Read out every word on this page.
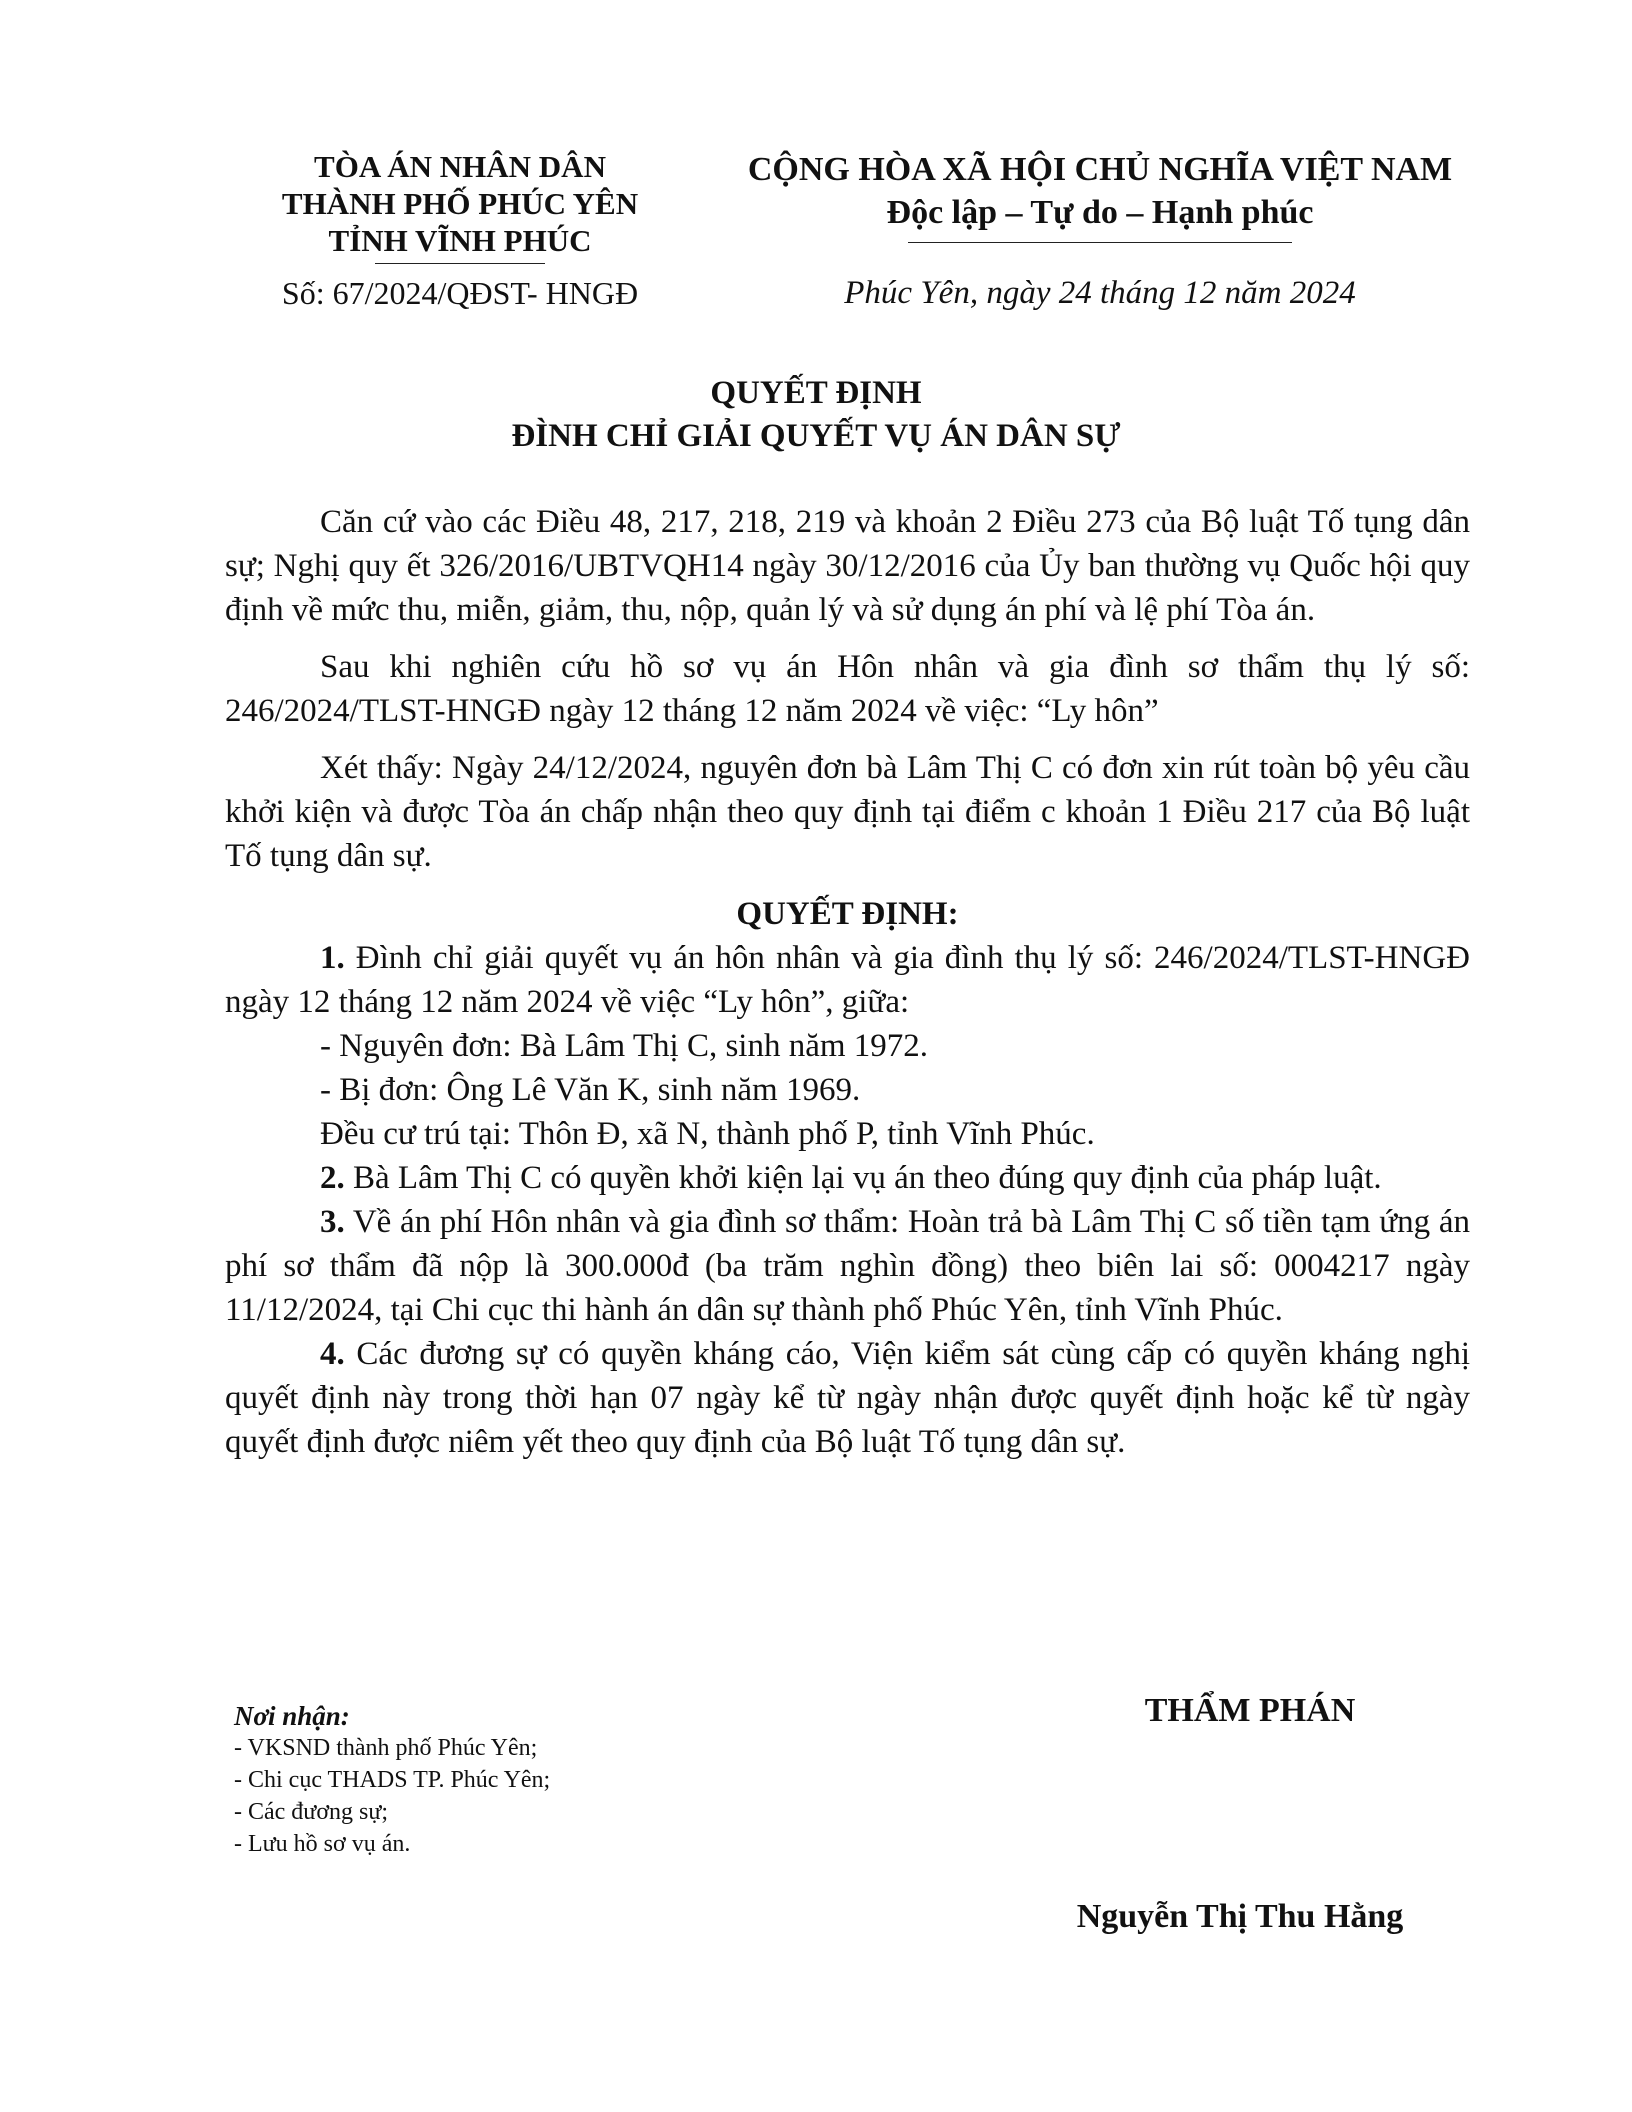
TÒA ÁN NHÂN DÂN
THÀNH PHỐ PHÚC YÊN
TỈNH VĨNH PHÚC
Số: 67/2024/QĐST- HNGĐ
CỘNG HÒA XÃ HỘI CHỦ NGHĨA VIỆT NAM
Độc lập – Tự do – Hạnh phúc
Phúc Yên, ngày 24 tháng 12 năm 2024
QUYẾT ĐỊNH
ĐÌNH CHỈ GIẢI QUYẾT VỤ ÁN DÂN SỰ

Căn cứ vào các Điều 48, 217, 218, 219 và khoản 2 Điều 273 của Bộ luật Tố tụng dân sự; Nghị quy ết 326/2016/UBTVQH14 ngày 30/12/2016 của Ủy ban thường vụ Quốc hội quy định về mức thu, miễn, giảm, thu, nộp, quản lý và sử dụng án phí và lệ phí Tòa án.

Sau khi nghiên cứu hồ sơ vụ án Hôn nhân và gia đình sơ thẩm thụ lý số: 246/2024/TLST-HNGĐ ngày 12 tháng 12 năm 2024 về việc: “Ly hôn”

Xét thấy: Ngày 24/12/2024, nguyên đơn bà Lâm Thị C có đơn xin rút toàn bộ yêu cầu khởi kiện và được Tòa án chấp nhận theo quy định tại điểm c khoản 1 Điều 217 của Bộ luật Tố tụng dân sự.

QUYẾT ĐỊNH:

1. Đình chỉ giải quyết vụ án hôn nhân và gia đình thụ lý số: 246/2024/TLST-HNGĐ ngày 12 tháng 12 năm 2024 về việc “Ly hôn”, giữa:

- Nguyên đơn: Bà Lâm Thị C, sinh năm 1972.

- Bị đơn: Ông Lê Văn K, sinh năm 1969.

Đều cư trú tại: Thôn Đ, xã N, thành phố P, tỉnh Vĩnh Phúc.

2. Bà Lâm Thị C có quyền khởi kiện lại vụ án theo đúng quy định của pháp luật.

3. Về án phí Hôn nhân và gia đình sơ thẩm: Hoàn trả bà Lâm Thị C số tiền tạm ứng án phí sơ thẩm đã nộp là 300.000đ (ba trăm nghìn đồng) theo biên lai số: 0004217 ngày 11/12/2024, tại Chi cục thi hành án dân sự thành phố Phúc Yên, tỉnh Vĩnh Phúc.

4. Các đương sự có quyền kháng cáo, Viện kiểm sát cùng cấp có quyền kháng nghị quyết định này trong thời hạn 07 ngày kể từ ngày nhận được quyết định hoặc kể từ ngày quyết định được niêm yết theo quy định của Bộ luật Tố tụng dân sự.

Nơi nhận:
- VKSND thành phố Phúc Yên;
- Chi cục THADS TP. Phúc Yên;
- Các đương sự;
- Lưu hồ sơ vụ án.
THẨM PHÁN
Nguyễn Thị Thu Hằng
